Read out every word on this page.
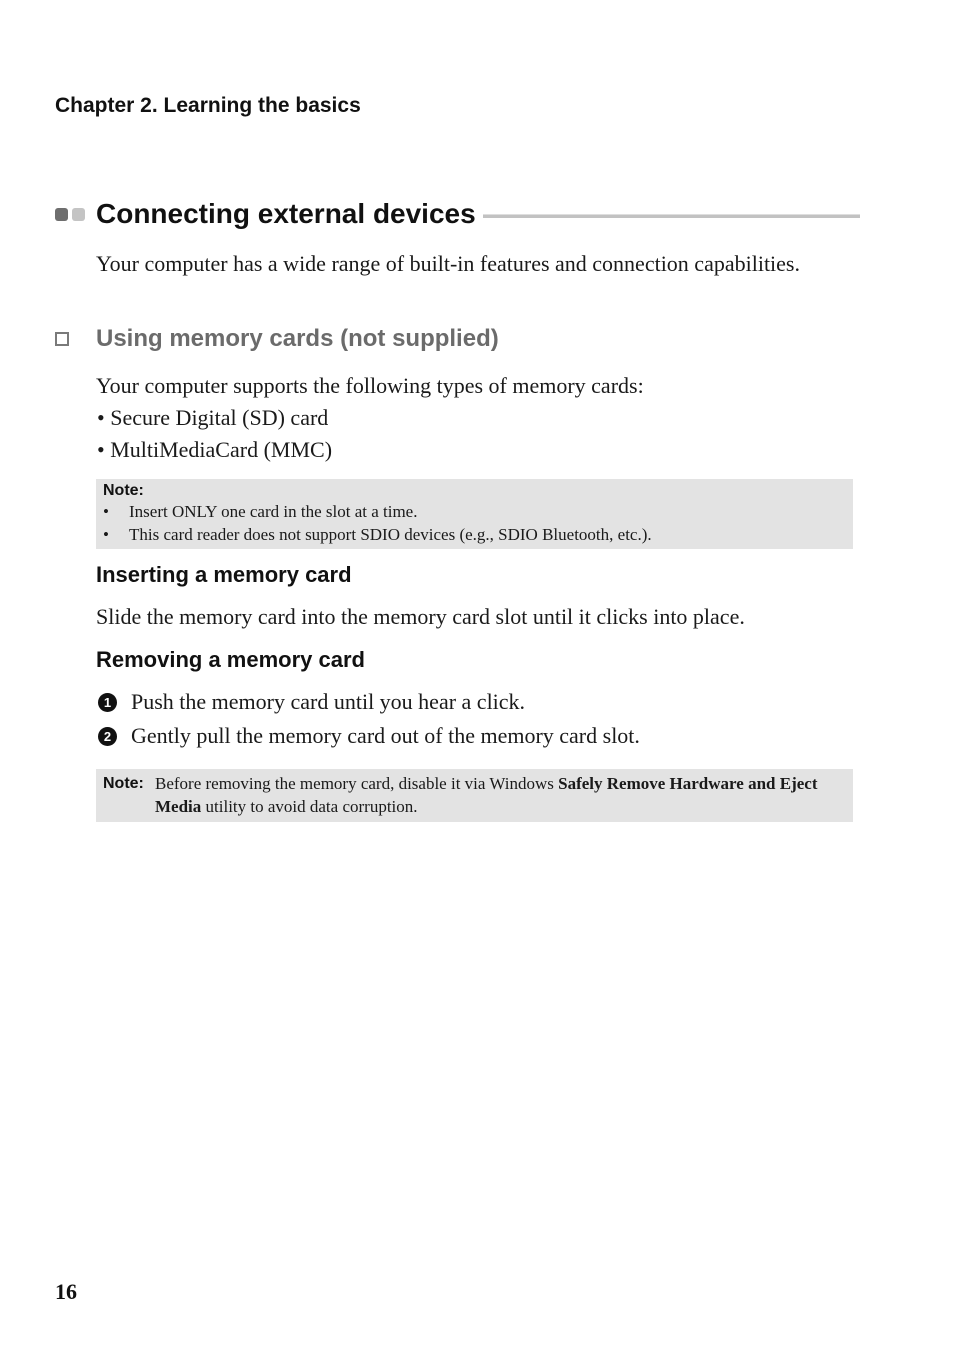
Chapter 2. Learning the basics
Connecting external devices
Your computer has a wide range of built-in features and connection capabilities.
Using memory cards (not supplied)
Your computer supports the following types of memory cards:
• Secure Digital (SD) card
• MultiMediaCard (MMC)
Note:
•	Insert ONLY one card in the slot at a time.
•	This card reader does not support SDIO devices (e.g., SDIO Bluetooth, etc.).
Inserting a memory card
Slide the memory card into the memory card slot until it clicks into place.
Removing a memory card
1 Push the memory card until you hear a click.
2 Gently pull the memory card out of the memory card slot.
Note: Before removing the memory card, disable it via Windows Safely Remove Hardware and Eject Media utility to avoid data corruption.
16
